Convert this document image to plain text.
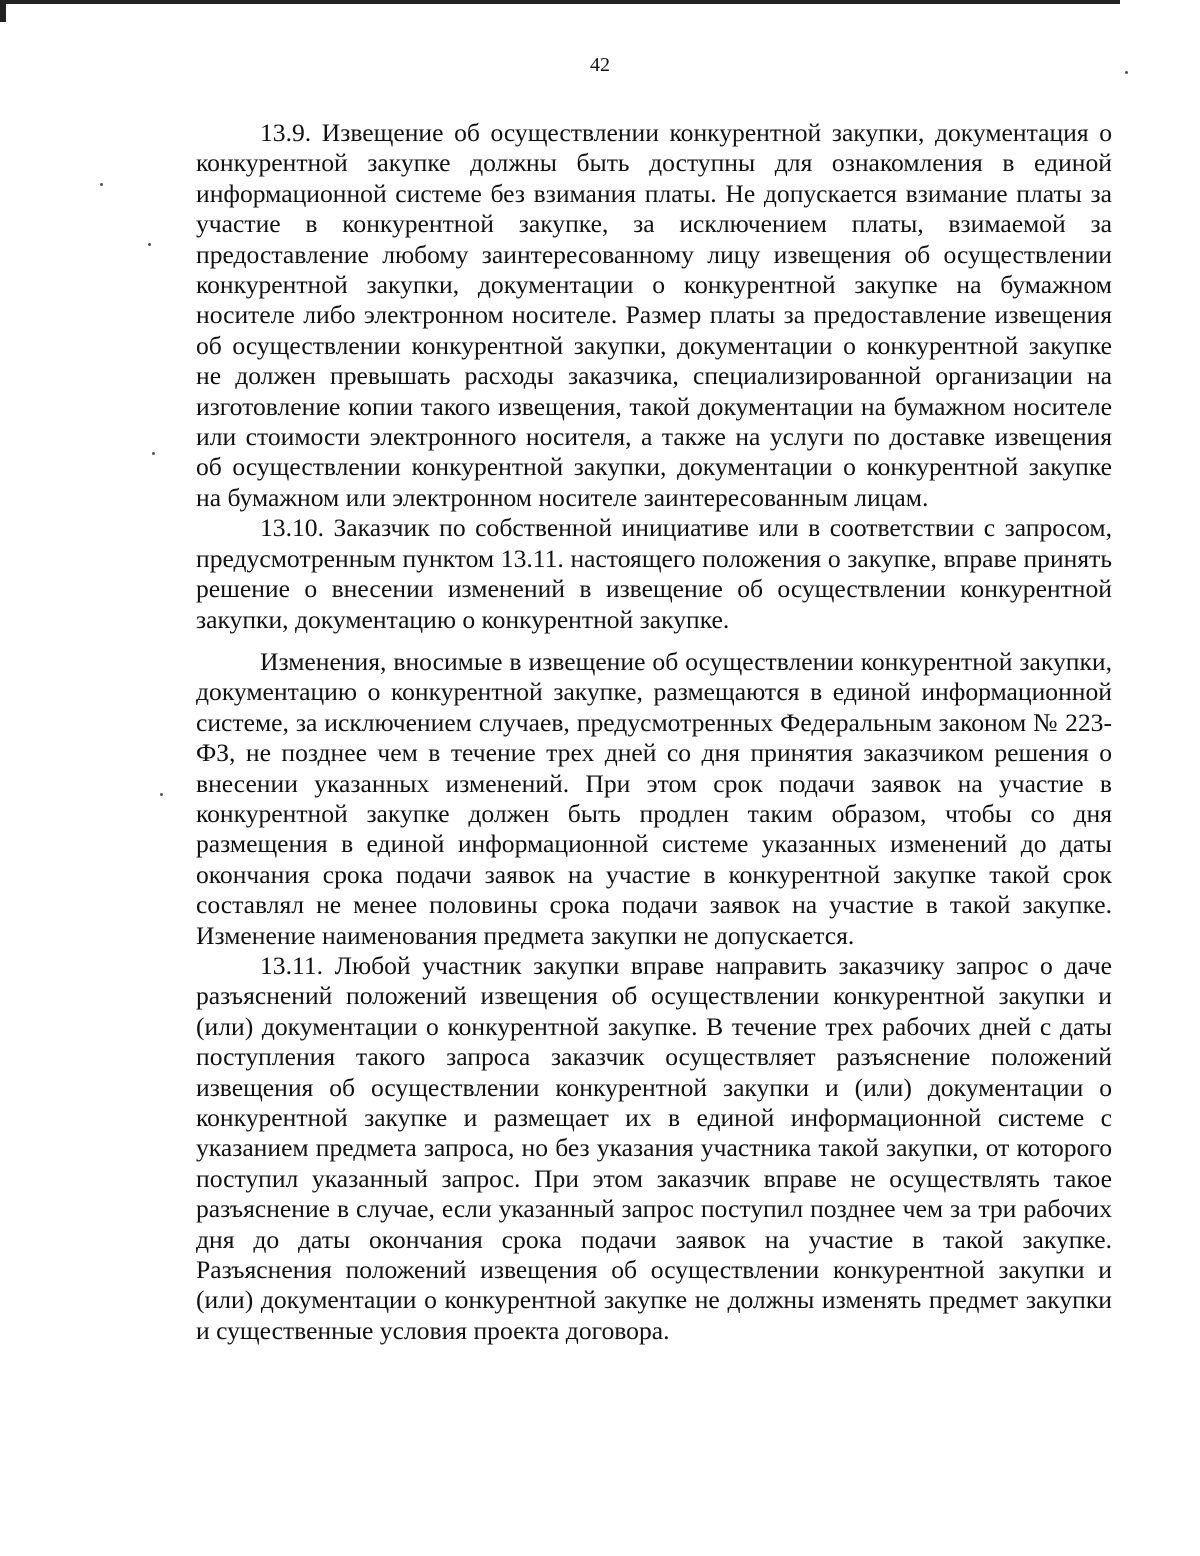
42

13.9. Извещение об осуществлении конкурентной закупки, документация о конкурентной закупке должны быть доступны для ознакомления в единой информационной системе без взимания платы. Не допускается взимание платы за участие в конкурентной закупке, за исключением платы, взимаемой за предоставление любому заинтересованному лицу извещения об осуществлении конкурентной закупки, документации о конкурентной закупке на бумажном носителе либо электронном носителе. Размер платы за предоставление извещения об осуществлении конкурентной закупки, документации о конкурентной закупке не должен превышать расходы заказчика, специализированной организации на изготовление копии такого извещения, такой документации на бумажном носителе или стоимости электронного носителя, а также на услуги по доставке извещения об осуществлении конкурентной закупки, документации о конкурентной закупке на бумажном или электронном носителе заинтересованным лицам.

13.10. Заказчик по собственной инициативе или в соответствии с запросом, предусмотренным пунктом 13.11. настоящего положения о закупке, вправе принять решение о внесении изменений в извещение об осуществлении конкурентной закупки, документацию о конкурентной закупке.

Изменения, вносимые в извещение об осуществлении конкурентной закупки, документацию о конкурентной закупке, размещаются в единой информационной системе, за исключением случаев, предусмотренных Федеральным законом № 223-ФЗ, не позднее чем в течение трех дней со дня принятия заказчиком решения о внесении указанных изменений. При этом срок подачи заявок на участие в конкурентной закупке должен быть продлен таким образом, чтобы со дня размещения в единой информационной системе указанных изменений до даты окончания срока подачи заявок на участие в конкурентной закупке такой срок составлял не менее половины срока подачи заявок на участие в такой закупке. Изменение наименования предмета закупки не допускается.

13.11. Любой участник закупки вправе направить заказчику запрос о даче разъяснений положений извещения об осуществлении конкурентной закупки и (или) документации о конкурентной закупке. В течение трех рабочих дней с даты поступления такого запроса заказчик осуществляет разъяснение положений извещения об осуществлении конкурентной закупки и (или) документации о конкурентной закупке и размещает их в единой информационной системе с указанием предмета запроса, но без указания участника такой закупки, от которого поступил указанный запрос. При этом заказчик вправе не осуществлять такое разъяснение в случае, если указанный запрос поступил позднее чем за три рабочих дня до даты окончания срока подачи заявок на участие в такой закупке. Разъяснения положений извещения об осуществлении конкурентной закупки и (или) документации о конкурентной закупке не должны изменять предмет закупки и существенные условия проекта договора.
